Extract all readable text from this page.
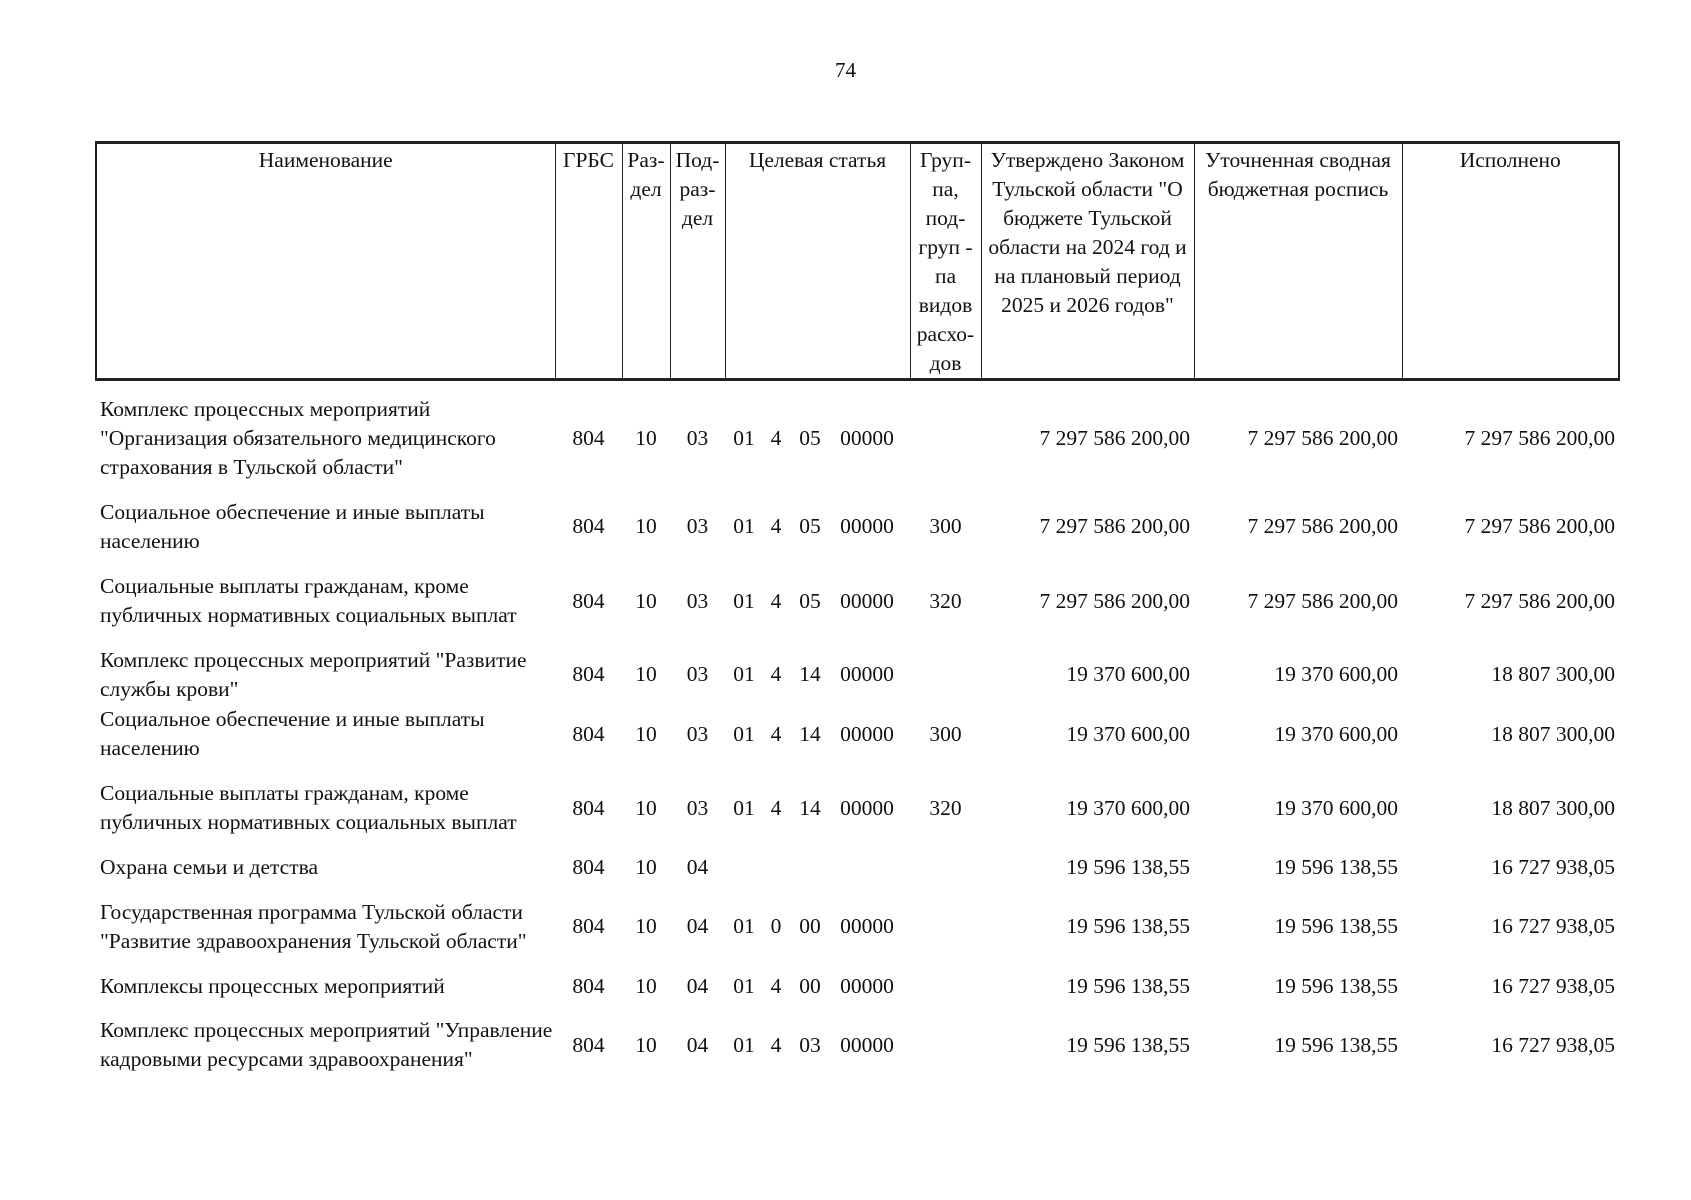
74
Наименование	ГРБС	Раз-дел	Под-раз-дел	Целевая статья	Груп-па, под-груп - па видов расхо-дов	Утверждено Законом Тульской области "О бюджете Тульской области на 2024 год и на плановый период 2025 и 2026 годов"	Уточненная сводная бюджетная роспись	Исполнено
Комплекс процессных мероприятий "Организация обязательного медицинского страхования в Тульской области"	804	10	03	01 4 05 00000		7 297 586 200,00	7 297 586 200,00	7 297 586 200,00
Социальное обеспечение и иные выплаты населению	804	10	03	01 4 05 00000	300	7 297 586 200,00	7 297 586 200,00	7 297 586 200,00
Социальные выплаты гражданам, кроме публичных нормативных социальных выплат	804	10	03	01 4 05 00000	320	7 297 586 200,00	7 297 586 200,00	7 297 586 200,00
Комплекс процессных мероприятий "Развитие службы крови"	804	10	03	01 4 14 00000		19 370 600,00	19 370 600,00	18 807 300,00
Социальное обеспечение и иные выплаты населению	804	10	03	01 4 14 00000	300	19 370 600,00	19 370 600,00	18 807 300,00
Социальные выплаты гражданам, кроме публичных нормативных социальных выплат	804	10	03	01 4 14 00000	320	19 370 600,00	19 370 600,00	18 807 300,00
Охрана семьи и детства	804	10	04			19 596 138,55	19 596 138,55	16 727 938,05
Государственная программа Тульской области "Развитие здравоохранения Тульской области"	804	10	04	01 0 00 00000		19 596 138,55	19 596 138,55	16 727 938,05
Комплексы процессных мероприятий	804	10	04	01 4 00 00000		19 596 138,55	19 596 138,55	16 727 938,05
Комплекс процессных мероприятий "Управление кадровыми ресурсами здравоохранения"	804	10	04	01 4 03 00000		19 596 138,55	19 596 138,55	16 727 938,05
